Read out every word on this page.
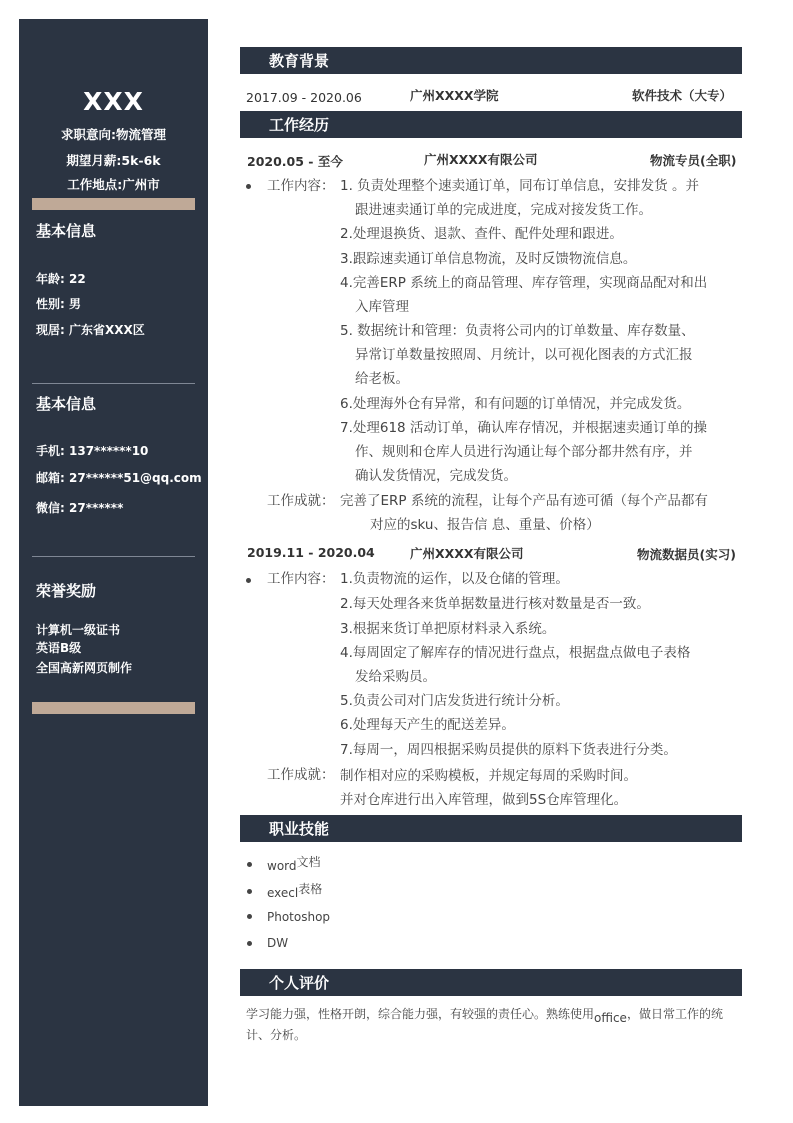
XXX
求职意向:物流管理
期望月薪:5k-6k
工作地点:广州市
基本信息
年龄: 22
性别: 男
现居: 广东省XXX区
基本信息
手机: 137******10
邮箱: 27******51@qq.com
微信: 27******
荣誉奖励
计算机一级证书
英语B级
全国高新网页制作
教育背景
2017.09 - 2020.06	广州XXXX学院	软件技术（大专）
工作经历
2020.05 - 至今	广州XXXX有限公司	物流专员(全职)
工作内容： 1. 负责处理整个速卖通订单，同布订单信息，安排发货 。并
跟进速卖通订单的完成进度，完成对接发货工作。
2.处理退换货、退款、查件、配件处理和跟进。
3.跟踪速卖通订单信息物流，及时反馈物流信息。
4.完善ERP 系统上的商品管理、库存管理，实现商品配对和出
入库管理
5. 数据统计和管理：负责将公司内的订单数量、库存数量、
异常订单数量按照周、月统计，以可视化图表的方式汇报
给老板。
6.处理海外仓有异常，和有问题的订单情况，并完成发货。
7.处理618 活动订单，确认库存情况，并根据速卖通订单的操
作、规则和仓库人员进行沟通让每个部分都井然有序，并
确认发货情况，完成发货。
工作成就： 完善了ERP 系统的流程，让每个产品有迹可循（每个产品都有
对应的sku、报告信 息、重量、价格）
2019.11 - 2020.04	广州XXXX有限公司	物流数据员(实习)
工作内容： 1.负责物流的运作，以及仓储的管理。
2.每天处理各来货单据数量进行核对数量是否一致。
3.根据来货订单把原材料录入系统。
4.每周固定了解库存的情况进行盘点，根据盘点做电子表格
发给采购员。
5.负责公司对门店发货进行统计分析。
6.处理每天产生的配送差异。
7.每周一，周四根据采购员提供的原料下货表进行分类。
工作成就： 制作相对应的采购模板，并规定每周的采购时间。
并对仓库进行出入库管理，做到5S仓库管理化。
职业技能
word文档
execl表格
Photoshop
DW
个人评价
学习能力强，性格开朗，综合能力强，有较强的责任心。熟练使用office，做日常工作的统计、分析。
